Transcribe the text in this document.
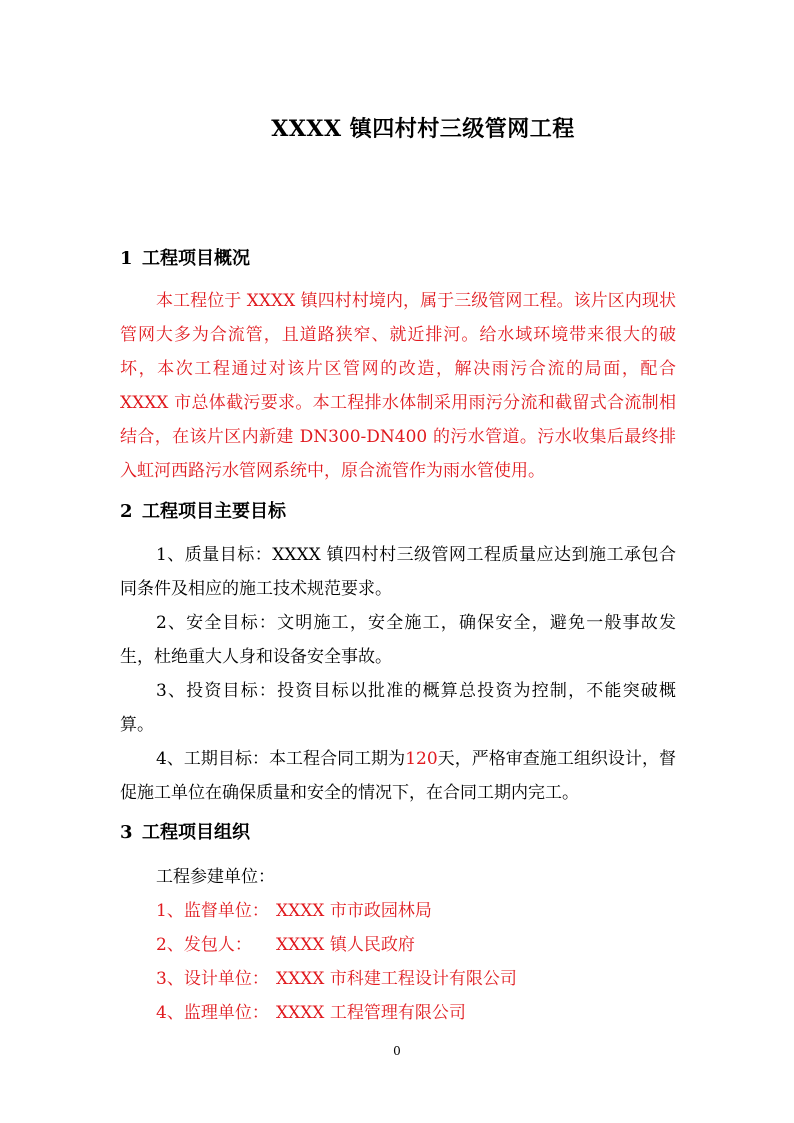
XXXX 镇四村村三级管网工程
1 工程项目概况
本工程位于 XXXX 镇四村村境内，属于三级管网工程。该片区内现状管网大多为合流管，且道路狭窄、就近排河。给水域环境带来很大的破坏，本次工程通过对该片区管网的改造，解决雨污合流的局面，配合 XXXX 市总体截污要求。本工程排水体制采用雨污分流和截留式合流制相结合，在该片区内新建 DN300-DN400 的污水管道。污水收集后最终排入虹河西路污水管网系统中，原合流管作为雨水管使用。
2 工程项目主要目标
1、质量目标：XXXX 镇四村村三级管网工程质量应达到施工承包合同条件及相应的施工技术规范要求。
2、安全目标：文明施工，安全施工，确保安全，避免一般事故发生，杜绝重大人身和设备安全事故。
3、投资目标：投资目标以批准的概算总投资为控制，不能突破概算。
4、工期目标：本工程合同工期为120天，严格审查施工组织设计，督促施工单位在确保质量和安全的情况下，在合同工期内完工。
3 工程项目组织
工程参建单位：
1、监督单位： XXXX 市市政园林局
2、发包人： XXXX 镇人民政府
3、设计单位： XXXX 市科建工程设计有限公司
4、监理单位： XXXX 工程管理有限公司
0
